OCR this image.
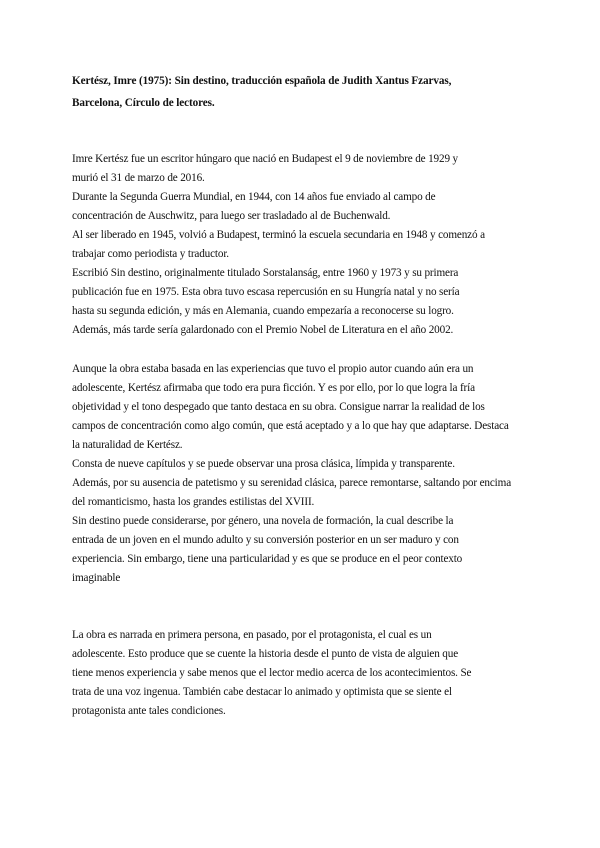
Kertész, Imre (1975): Sin destino, traducción española de Judith Xantus Fzarvas,
Barcelona, Círculo de lectores.
Imre Kertész fue un escritor húngaro que nació en Budapest el 9 de noviembre de 1929 y
murió el 31 de marzo de 2016.
Durante la Segunda Guerra Mundial, en 1944, con 14 años fue enviado al campo de
concentración de Auschwitz, para luego ser trasladado al de Buchenwald.
Al ser liberado en 1945, volvió a Budapest, terminó la escuela secundaria en 1948 y comenzó a
trabajar como periodista y traductor.
Escribió Sin destino, originalmente titulado Sorstalanság, entre 1960 y 1973 y su primera
publicación fue en 1975. Esta obra tuvo escasa repercusión en su Hungría natal y no sería
hasta su segunda edición, y más en Alemania, cuando empezaría a reconocerse su logro.
Además, más tarde sería galardonado con el Premio Nobel de Literatura en el año 2002.
Aunque la obra estaba basada en las experiencias que tuvo el propio autor cuando aún era un
adolescente, Kertész afirmaba que todo era pura ficción. Y es por ello, por lo que logra la fría
objetividad y el tono despegado que tanto destaca en su obra. Consigue narrar la realidad de los
campos de concentración como algo común, que está aceptado y a lo que hay que adaptarse. Destaca
la naturalidad de Kertész.
Consta de nueve capítulos y se puede observar una prosa clásica, límpida y transparente.
Además, por su ausencia de patetismo y su serenidad clásica, parece remontarse, saltando por encima
del romanticismo, hasta los grandes estilistas del XVIII.
Sin destino puede considerarse, por género, una novela de formación, la cual describe la
entrada de un joven en el mundo adulto y su conversión posterior en un ser maduro y con
experiencia. Sin embargo, tiene una particularidad y es que se produce en el peor contexto
imaginable
La obra es narrada en primera persona, en pasado, por el protagonista, el cual es un
adolescente. Esto produce que se cuente la historia desde el punto de vista de alguien que
tiene menos experiencia y sabe menos que el lector medio acerca de los acontecimientos. Se
trata de una voz ingenua. También cabe destacar lo animado y optimista que se siente el
protagonista ante tales condiciones.
